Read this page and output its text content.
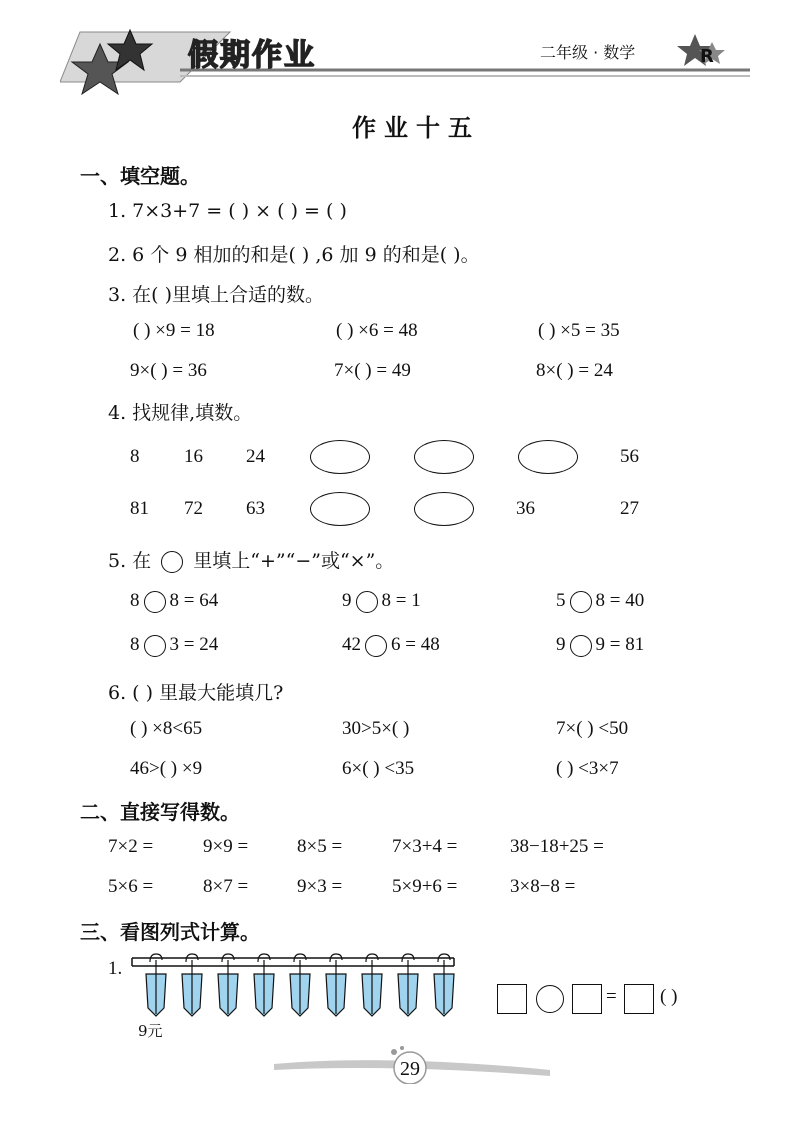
假期作业	二年级 · 数学	R
作业十五
一、填空题。
1. 7×3+7 = ( ) × ( ) = ( )
2. 6 个 9 相加的和是( ) ,6 加 9 的和是( )。
3. 在( )里填上合适的数。
( ) ×9 = 18	( ) ×6 = 48	( ) ×5 = 35
9×( ) = 36	7×( ) = 49	8×( ) = 24
4. 找规律,填数。
8 16 24	56
81 72 63	36	27
5. 在 里填上“+”“−”或“×”。
8 8 = 64	9 8 = 1	5 8 = 40
8 3 = 24	42 6 = 48	9 9 = 81
6. ( ) 里最大能填几?
( ) ×8<65	30>5×( )	7×( ) <50
46>( ) ×9	6×( ) <35	( ) <3×7
二、直接写得数。
7×2 =	9×9 =	8×5 =	7×3+4 =	38−18+25 =
5×6 =	8×7 =	9×3 =	5×9+6 =	3×8−8 =
三、看图列式计算。
1.
9元
= ( )
29
